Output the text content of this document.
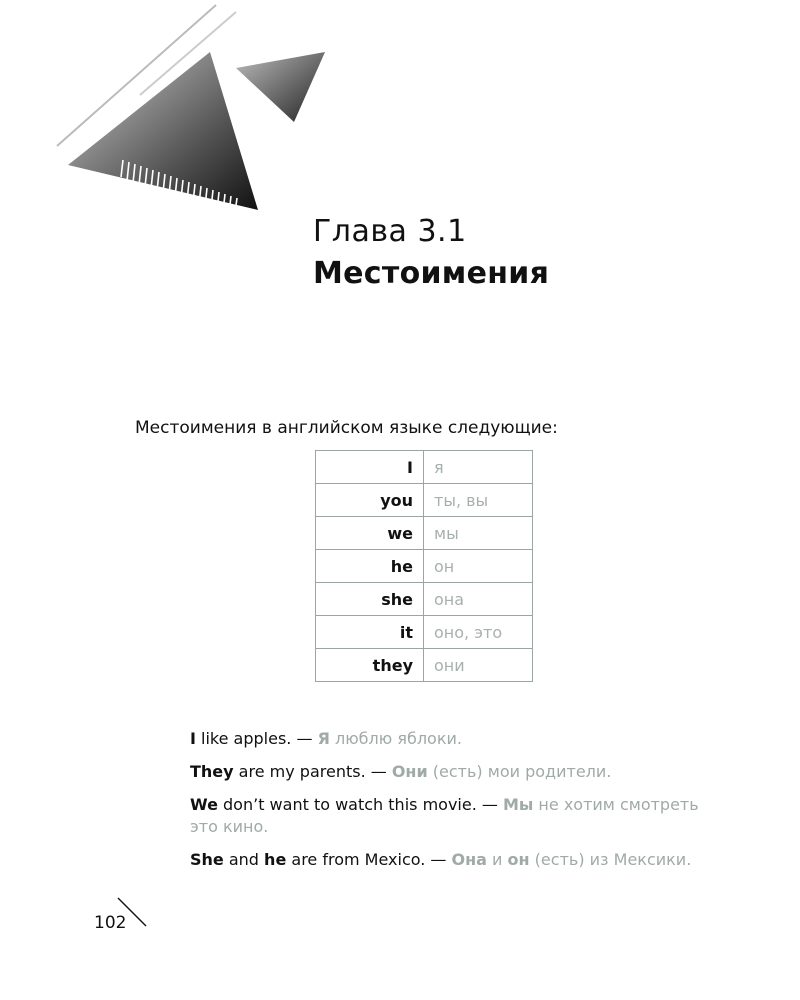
Глава 3.1
Местоимения
Местоимения в английском языке следующие:
I	я
you	ты, вы
we	мы
he	он
she	она
it	оно, это
they	они
I like apples. — Я люблю яблоки.
They are my parents. — Они (есть) мои родители.
We don’t want to watch this movie. — Мы не хотим смотреть это кино.
She and he are from Mexico. — Она и он (есть) из Мексики.
102
